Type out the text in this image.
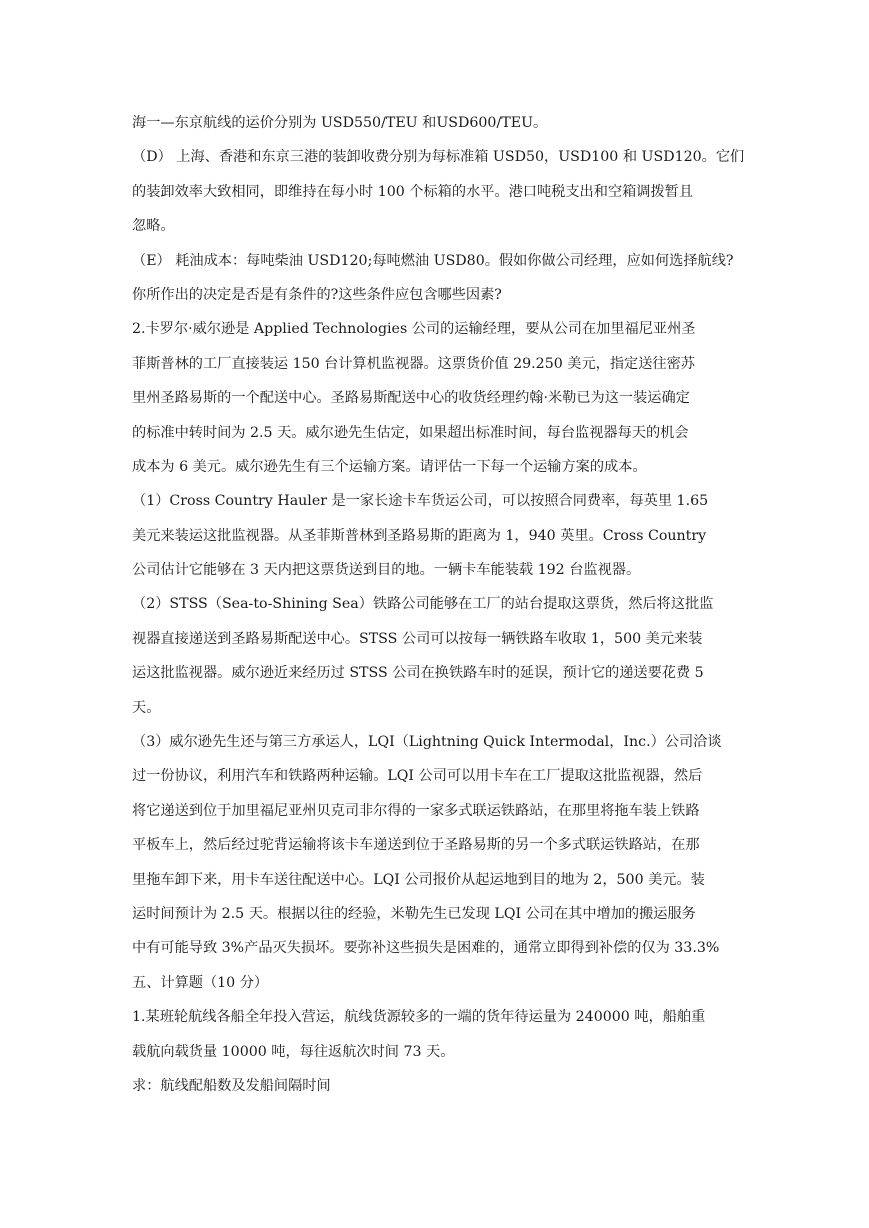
海一—东京航线的运价分别为 USD550/TEU 和USD600/TEU。
（D） 上海、香港和东京三港的装卸收费分别为每标准箱 USD50，USD100 和 USD120。它们
的装卸效率大致相同，即维持在每小时 100 个标箱的水平。港口吨税支出和空箱调拨暂且
忽略。
（E） 耗油成本：每吨柴油 USD120;每吨燃油 USD80。假如你做公司经理，应如何选择航线?
你所作出的决定是否是有条件的?这些条件应包含哪些因素?
2.卡罗尔·威尔逊是 Applied Technologies 公司的运输经理，要从公司在加里福尼亚州圣
菲斯普林的工厂直接装运 150 台计算机监视器。这票货价值 29.250 美元，指定送往密苏
里州圣路易斯的一个配送中心。圣路易斯配送中心的收货经理约翰·米勒已为这一装运确定
的标准中转时间为 2.5 天。威尔逊先生估定，如果超出标准时间，每台监视器每天的机会
成本为 6 美元。威尔逊先生有三个运输方案。请评估一下每一个运输方案的成本。
（1）Cross Country Hauler 是一家长途卡车货运公司，可以按照合同费率，每英里 1.65
美元来装运这批监视器。从圣菲斯普林到圣路易斯的距离为 1，940 英里。Cross Country
公司估计它能够在 3 天内把这票货送到目的地。一辆卡车能装载 192 台监视器。
（2）STSS（Sea-to-Shining Sea）铁路公司能够在工厂的站台提取这票货，然后将这批监
视器直接递送到圣路易斯配送中心。STSS 公司可以按每一辆铁路车收取 1，500 美元来装
运这批监视器。威尔逊近来经历过 STSS 公司在换铁路车时的延误，预计它的递送要花费 5
天。
（3）威尔逊先生还与第三方承运人，LQI（Lightning Quick Intermodal，Inc.）公司洽谈
过一份协议，利用汽车和铁路两种运输。LQI 公司可以用卡车在工厂提取这批监视器，然后
将它递送到位于加里福尼亚州贝克司非尔得的一家多式联运铁路站，在那里将拖车装上铁路
平板车上，然后经过驼背运输将该卡车递送到位于圣路易斯的另一个多式联运铁路站，在那
里拖车卸下来，用卡车送往配送中心。LQI 公司报价从起运地到目的地为 2，500 美元。装
运时间预计为 2.5 天。根据以往的经验，米勒先生已发现 LQI 公司在其中增加的搬运服务
中有可能导致 3%产品灭失损坏。要弥补这些损失是困难的，通常立即得到补偿的仅为 33.3%
五、计算题（10 分）
1.某班轮航线各船全年投入营运，航线货源较多的一端的货年待运量为 240000 吨，船舶重
载航向载货量 10000 吨，每往返航次时间 73 天。
求：航线配船数及发船间隔时间
